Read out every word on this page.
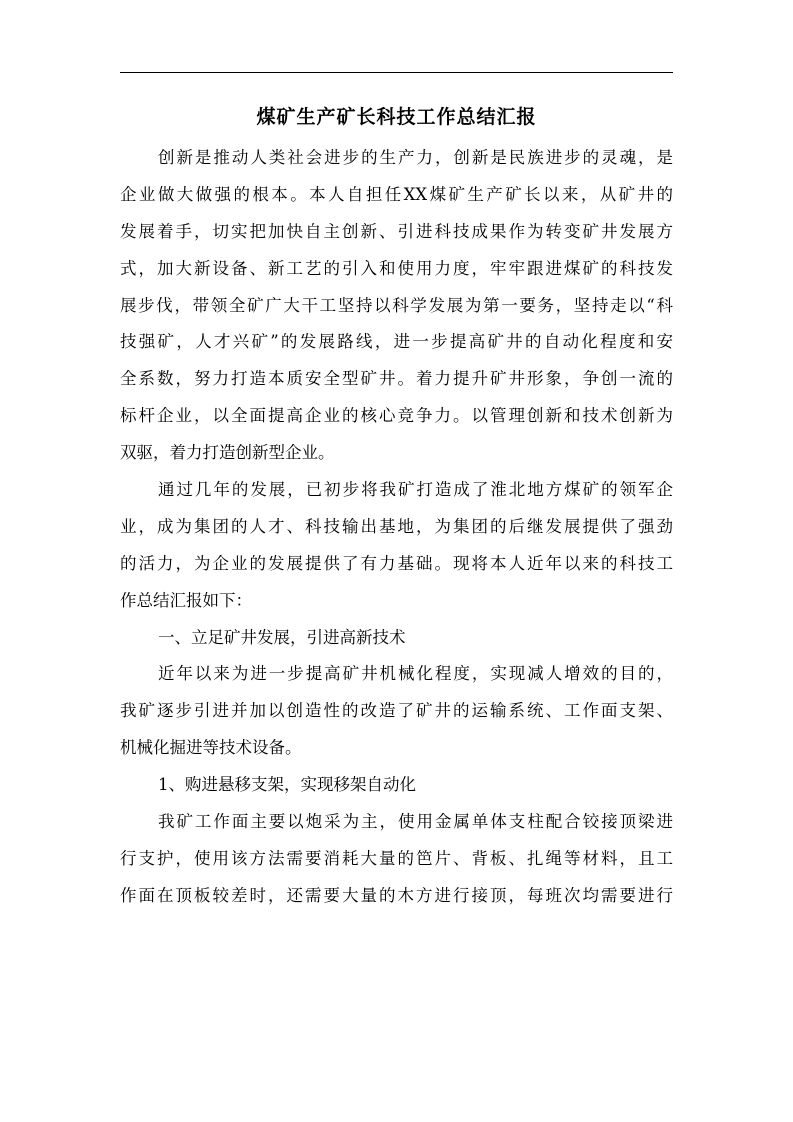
煤矿生产矿长科技工作总结汇报
创新是推动人类社会进步的生产力，创新是民族进步的灵魂，是
企业做大做强的根本。本人自担任XX煤矿生产矿长以来，从矿井的
发展着手，切实把加快自主创新、引进科技成果作为转变矿井发展方
式，加大新设备、新工艺的引入和使用力度，牢牢跟进煤矿的科技发
展步伐，带领全矿广大干工坚持以科学发展为第一要务，坚持走以“科
技强矿，人才兴矿”的发展路线，进一步提高矿井的自动化程度和安
全系数，努力打造本质安全型矿井。着力提升矿井形象，争创一流的
标杆企业，以全面提高企业的核心竞争力。以管理创新和技术创新为
双驱，着力打造创新型企业。
通过几年的发展，已初步将我矿打造成了淮北地方煤矿的领军企
业，成为集团的人才、科技输出基地，为集团的后继发展提供了强劲
的活力，为企业的发展提供了有力基础。现将本人近年以来的科技工
作总结汇报如下：
一、立足矿井发展，引进高新技术
近年以来为进一步提高矿井机械化程度，实现减人增效的目的，
我矿逐步引进并加以创造性的改造了矿井的运输系统、工作面支架、
机械化掘进等技术设备。
1、购进悬移支架，实现移架自动化
我矿工作面主要以炮采为主，使用金属单体支柱配合铰接顶梁进
行支护，使用该方法需要消耗大量的笆片、背板、扎绳等材料，且工
作面在顶板较差时，还需要大量的木方进行接顶，每班次均需要进行
